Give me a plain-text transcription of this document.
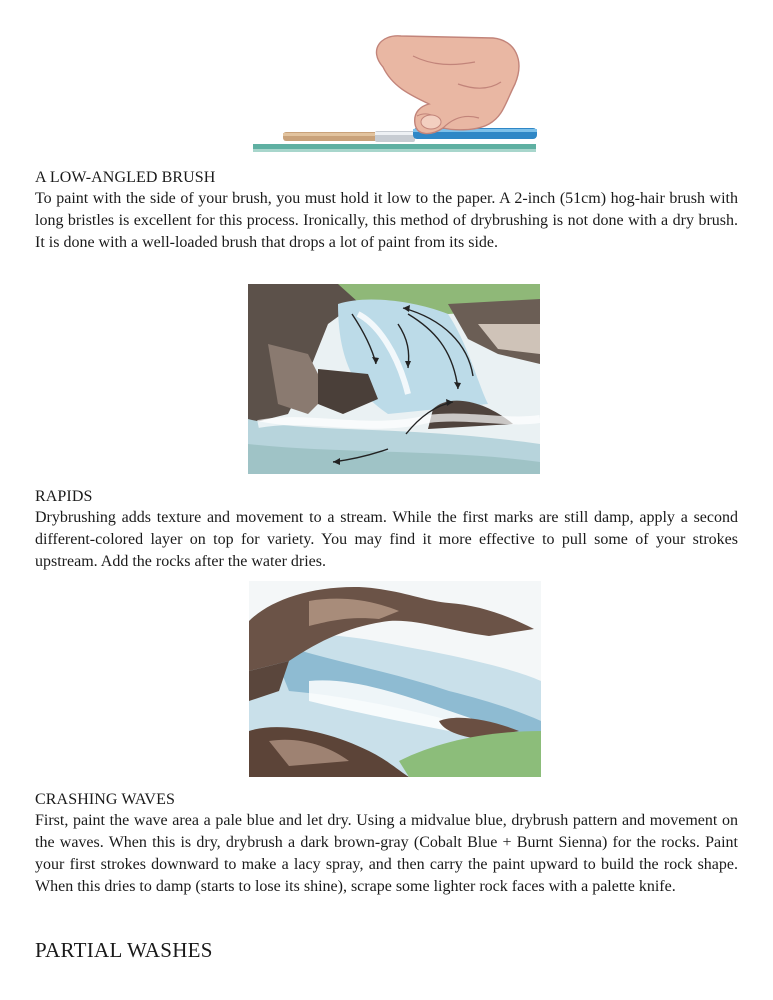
A LOW-ANGLED BRUSH

To paint with the side of your brush, you must hold it low to the paper. A 2-inch (51cm) hog-hair brush with long bristles is excellent for this process. Ironically, this method of drybrushing is not done with a dry brush. It is done with a well-loaded brush that drops a lot of paint from its side.

RAPIDS

Drybrushing adds texture and movement to a stream. While the first marks are still damp, apply a second different-colored layer on top for variety. You may find it more effective to pull some of your strokes upstream. Add the rocks after the water dries.

CRASHING WAVES

First, paint the wave area a pale blue and let dry. Using a midvalue blue, drybrush pattern and movement on the waves. When this is dry, drybrush a dark brown-gray (Cobalt Blue + Burnt Sienna) for the rocks. Paint your first strokes downward to make a lacy spray, and then carry the paint upward to build the rock shape. When this dries to damp (starts to lose its shine), scrape some lighter rock faces with a palette knife.

PARTIAL WASHES
